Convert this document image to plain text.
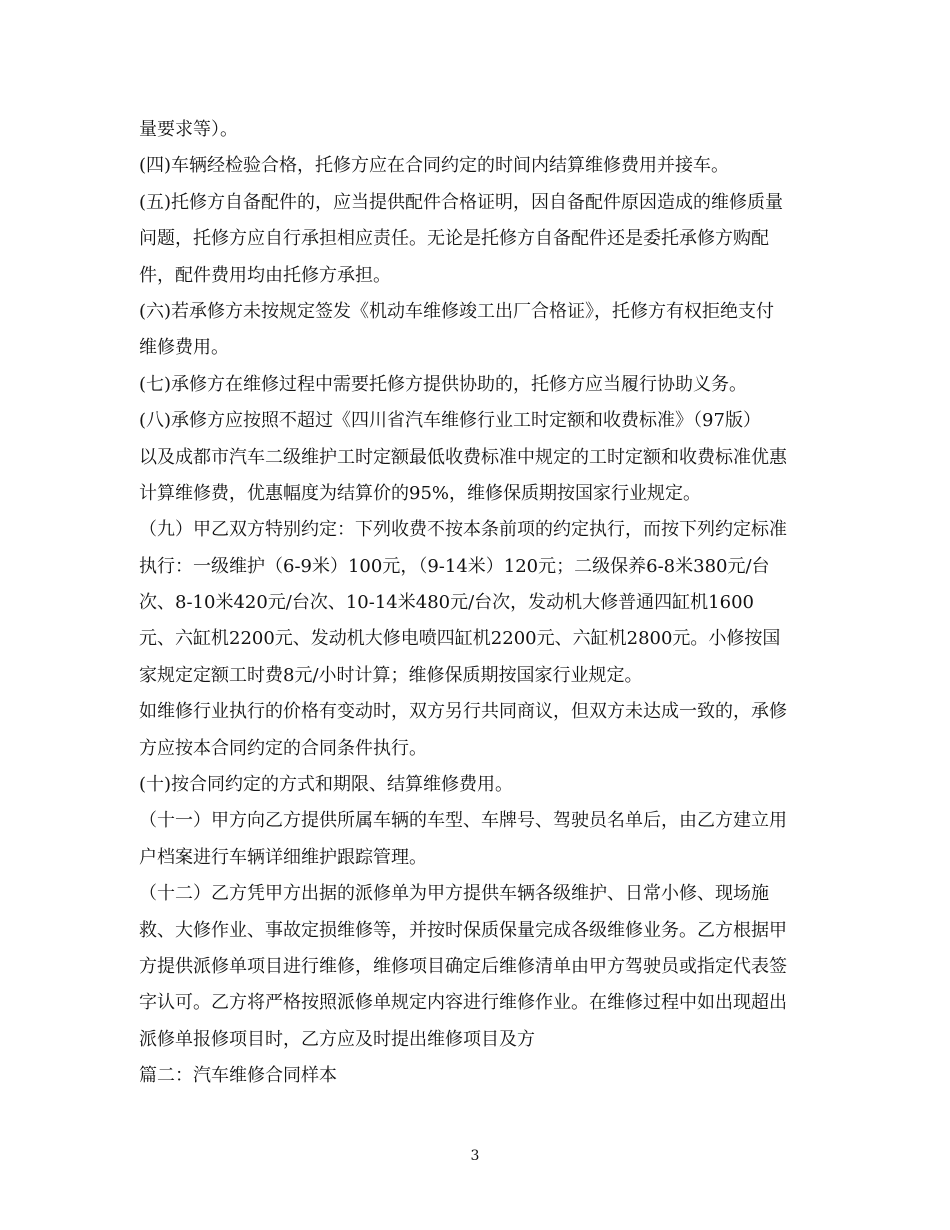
量要求等）。

(四)车辆经检验合格，托修方应在合同约定的时间内结算维修费用并接车。

(五)托修方自备配件的，应当提供配件合格证明，因自备配件原因造成的维修质量
问题，托修方应自行承担相应责任。无论是托修方自备配件还是委托承修方购配
件，配件费用均由托修方承担。

(六)若承修方未按规定签发《机动车维修竣工出厂合格证》，托修方有权拒绝支付
维修费用。

(七)承修方在维修过程中需要托修方提供协助的，托修方应当履行协助义务。

(八)承修方应按照不超过《四川省汽车维修行业工时定额和收费标准》（97版）
以及成都市汽车二级维护工时定额最低收费标准中规定的工时定额和收费标准优惠
计算维修费，优惠幅度为结算价的95%，维修保质期按国家行业规定。

（九）甲乙双方特别约定：下列收费不按本条前项的约定执行，而按下列约定标准
执行：一级维护（6-9米）100元，（9-14米）120元；二级保养6-8米380元/台
次、8-10米420元/台次、10-14米480元/台次，发动机大修普通四缸机1600
元、六缸机2200元、发动机大修电喷四缸机2200元、六缸机2800元。小修按国
家规定定额工时费8元/小时计算；维修保质期按国家行业规定。

如维修行业执行的价格有变动时，双方另行共同商议，但双方未达成一致的，承修
方应按本合同约定的合同条件执行。

(十)按合同约定的方式和期限、结算维修费用。

（十一）甲方向乙方提供所属车辆的车型、车牌号、驾驶员名单后，由乙方建立用
户档案进行车辆详细维护跟踪管理。

（十二）乙方凭甲方出据的派修单为甲方提供车辆各级维护、日常小修、现场施
救、大修作业、事故定损维修等，并按时保质保量完成各级维修业务。乙方根据甲
方提供派修单项目进行维修，维修项目确定后维修清单由甲方驾驶员或指定代表签
字认可。乙方将严格按照派修单规定内容进行维修作业。在维修过程中如出现超出
派修单报修项目时，乙方应及时提出维修项目及方

篇二：汽车维修合同样本

3
